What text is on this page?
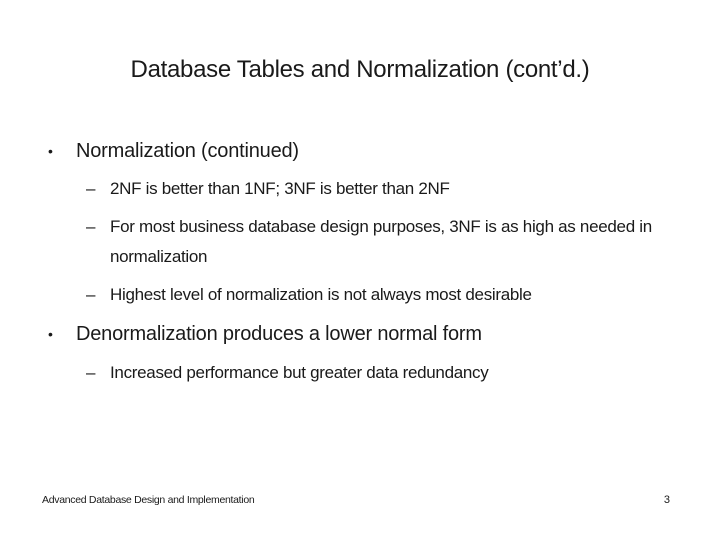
Database Tables and Normalization (cont’d.)
• Normalization (continued)
– 2NF is better than 1NF; 3NF is better than 2NF
– For most business database design purposes, 3NF is as high as needed in normalization
– Highest level of normalization is not always most desirable
• Denormalization produces a lower normal form
– Increased performance but greater data redundancy
Advanced Database Design and Implementation	3
